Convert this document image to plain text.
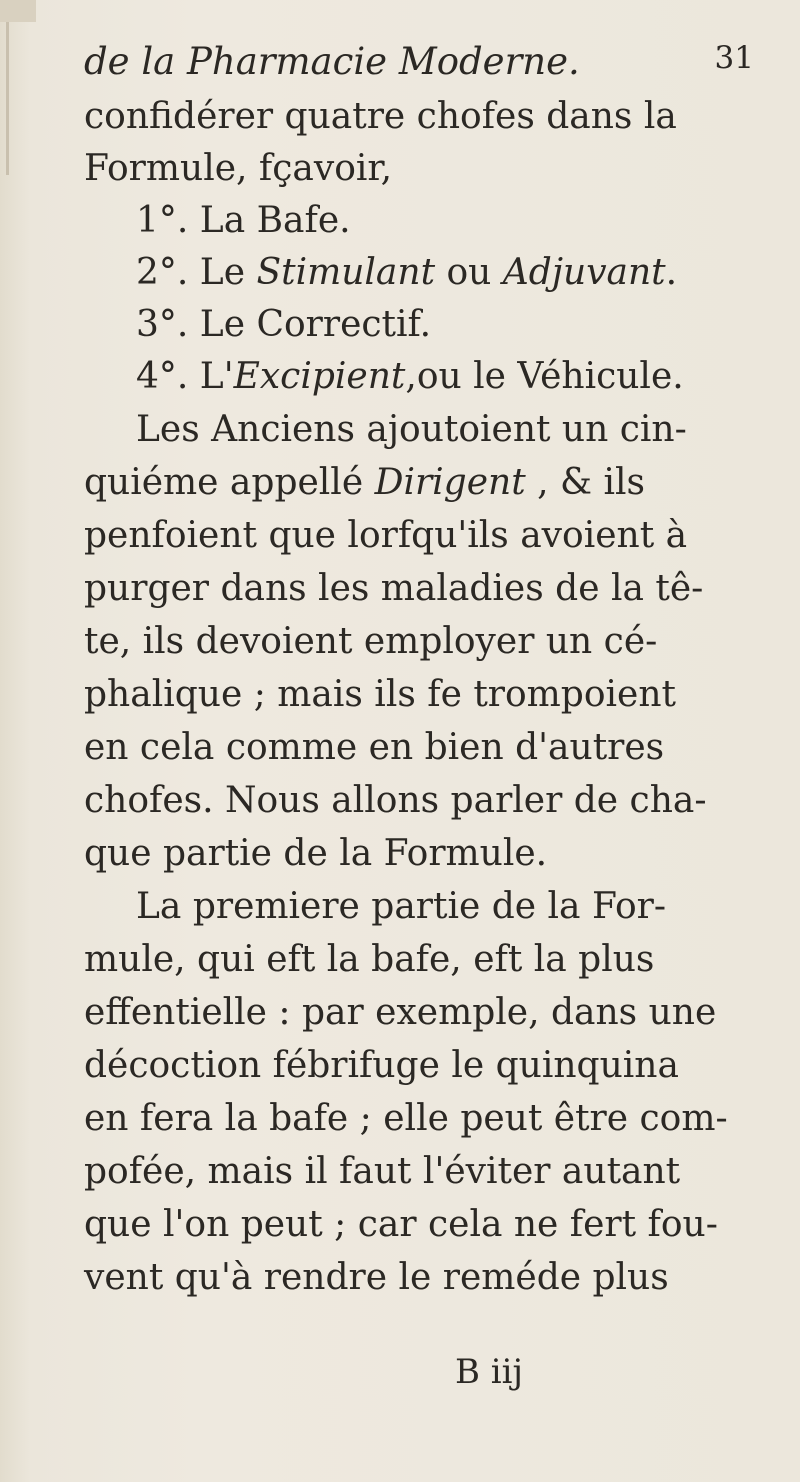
de la Pharmacie Moderne.	31
confidérer quatre chofes dans la
Formule, fçavoir,
1°. La Bafe.
2°. Le Stimulant ou Adjuvant.
3°. Le Correctif.
4°. L'Excipient,ou le Véhicule.
Les Anciens ajoutoient un cin-
quiéme appellé Dirigent , & ils
penfoient que lorfqu'ils avoient à
purger dans les maladies de la tê-
te, ils devoient employer un cé-
phalique ; mais ils fe trompoient
en cela comme en bien d'autres
chofes. Nous allons parler de cha-
que partie de la Formule.
La premiere partie de la For-
mule, qui eft la bafe, eft la plus
effentielle : par exemple, dans une
décoction fébrifuge le quinquina
en fera la bafe ; elle peut être com-
pofée, mais il faut l'éviter autant
que l'on peut ; car cela ne fert fou-
vent qu'à rendre le reméde plus
B iij
